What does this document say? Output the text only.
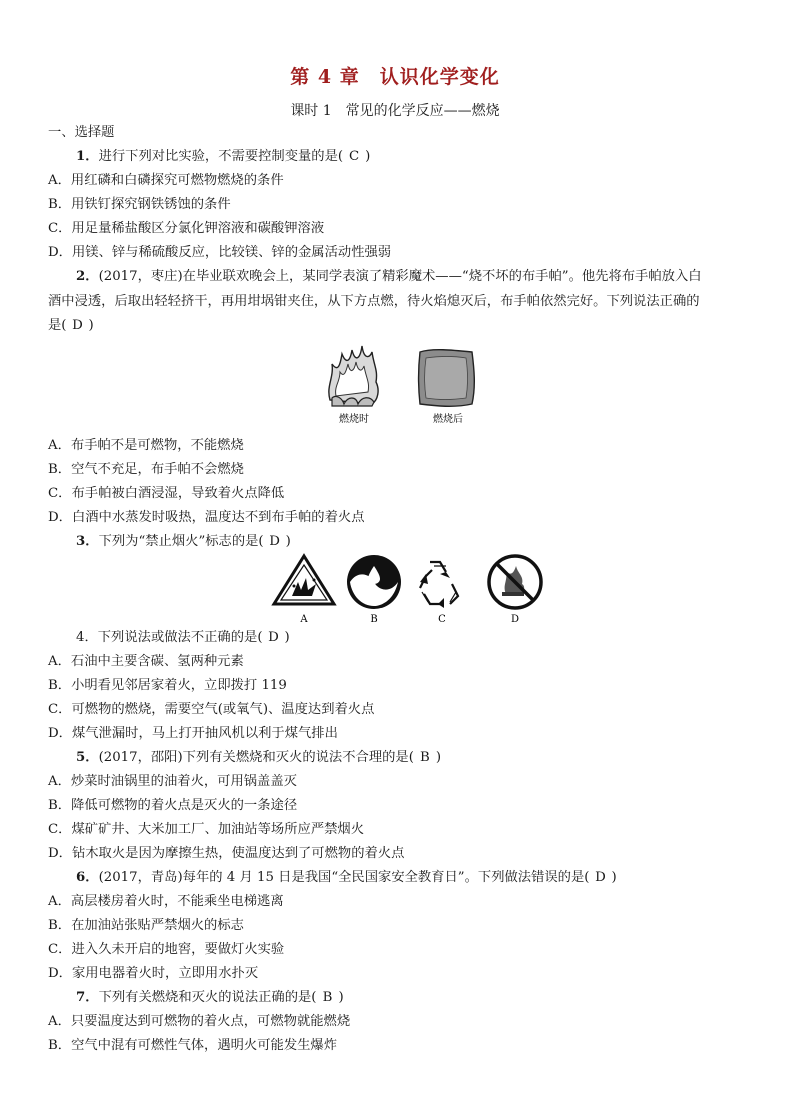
第 4 章　认识化学变化
课时 1　常见的化学反应——燃烧
一、选择题
1．进行下列对比实验，不需要控制变量的是( C )
A．用红磷和白磷探究可燃物燃烧的条件
B．用铁钉探究钢铁锈蚀的条件
C．用足量稀盐酸区分氯化钾溶液和碳酸钾溶液
D．用镁、锌与稀硫酸反应，比较镁、锌的金属活动性强弱
2．(2017，枣庄)在毕业联欢晚会上，某同学表演了精彩魔术——“烧不坏的布手帕”。他先将布手帕放入白
酒中浸透，后取出轻轻挤干，再用坩埚钳夹住，从下方点燃，待火焰熄灭后，布手帕依然完好。下列说法正确的
是( D )
燃烧时	燃烧后
A．布手帕不是可燃物，不能燃烧
B．空气不充足，布手帕不会燃烧
C．布手帕被白酒浸湿，导致着火点降低
D．白酒中水蒸发时吸热，温度达不到布手帕的着火点
3．下列为“禁止烟火”标志的是( D )
A	B	C	D
4．下列说法或做法不正确的是( D )
A．石油中主要含碳、氢两种元素
B．小明看见邻居家着火，立即拨打 119
C．可燃物的燃烧，需要空气(或氧气)、温度达到着火点
D．煤气泄漏时，马上打开抽风机以利于煤气排出
5．(2017，邵阳)下列有关燃烧和灭火的说法不合理的是( B )
A．炒菜时油锅里的油着火，可用锅盖盖灭
B．降低可燃物的着火点是灭火的一条途径
C．煤矿矿井、大米加工厂、加油站等场所应严禁烟火
D．钻木取火是因为摩擦生热，使温度达到了可燃物的着火点
6．(2017，青岛)每年的 4 月 15 日是我国“全民国家安全教育日”。下列做法错误的是( D )
A．高层楼房着火时，不能乘坐电梯逃离
B．在加油站张贴严禁烟火的标志
C．进入久未开启的地窖，要做灯火实验
D．家用电器着火时，立即用水扑灭
7．下列有关燃烧和灭火的说法正确的是( B )
A．只要温度达到可燃物的着火点，可燃物就能燃烧
B．空气中混有可燃性气体，遇明火可能发生爆炸
